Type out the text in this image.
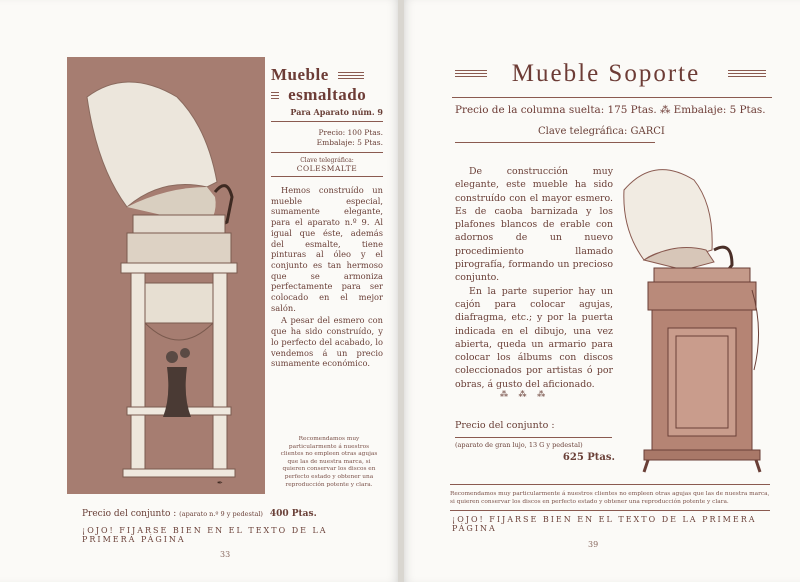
✒
Mueble
esmaltado
Para Aparato núm. 9
Precio: 100 Ptas.
Embalaje: 5 Ptas.
Clave telegráfica:
COLESMALTE
Hemos construído un mueble especial, sumamente elegante, para el aparato n.º 9. Al igual que éste, además del esmalte, tiene pinturas al óleo y el conjunto es tan hermoso que se armoniza perfectamente para ser colocado en el mejor salón.
A pesar del esmero con que ha sido construído, y lo perfecto del acabado, lo vendemos á un precio sumamente económico.
Recomendamos muy particularmente á nuestros clientes no empleen otras agujas que las de nuestra marca, si quieren conservar los discos en perfecto estado y obtener una reproducción potente y clara.
Precio del conjunto : (aparato n.º 9 y pedestal) 400 Ptas.
¡OJO! FIJARSE BIEN EN EL TEXTO DE LA PRIMERA PÁGINA
33
Mueble Soporte
Precio de la columna suelta: 175 Ptas. ⁂ Embalaje: 5 Ptas.
Clave telegráfica: GARCI

De construcción muy elegante, este mueble ha sido construído con el mayor esmero. Es de caoba barnizada y los plafones blancos de erable con adornos de un nuevo procedimiento llamado pirografía, formando un precioso conjunto.

En la parte superior hay un cajón para colocar agujas, diafragma, etc.; y por la puerta indicada en el dibujo, una vez abierta, queda un armario para colocar los álbums con discos coleccionados por artistas ó por obras, á gusto del aficionado.

⁂ ⁂ ⁂
Precio del conjunto :
(aparato de gran lujo, 13 G y pedestal)
625 Ptas.
Recomendamos muy particularmente á nuestros clientes no empleen otras agujas que las de nuestra marca, si quieren conservar los discos en perfecto estado y obtener una reproducción potente y clara.
¡OJO! FIJARSE BIEN EN EL TEXTO DE LA PRIMERA PÁGINA
39
